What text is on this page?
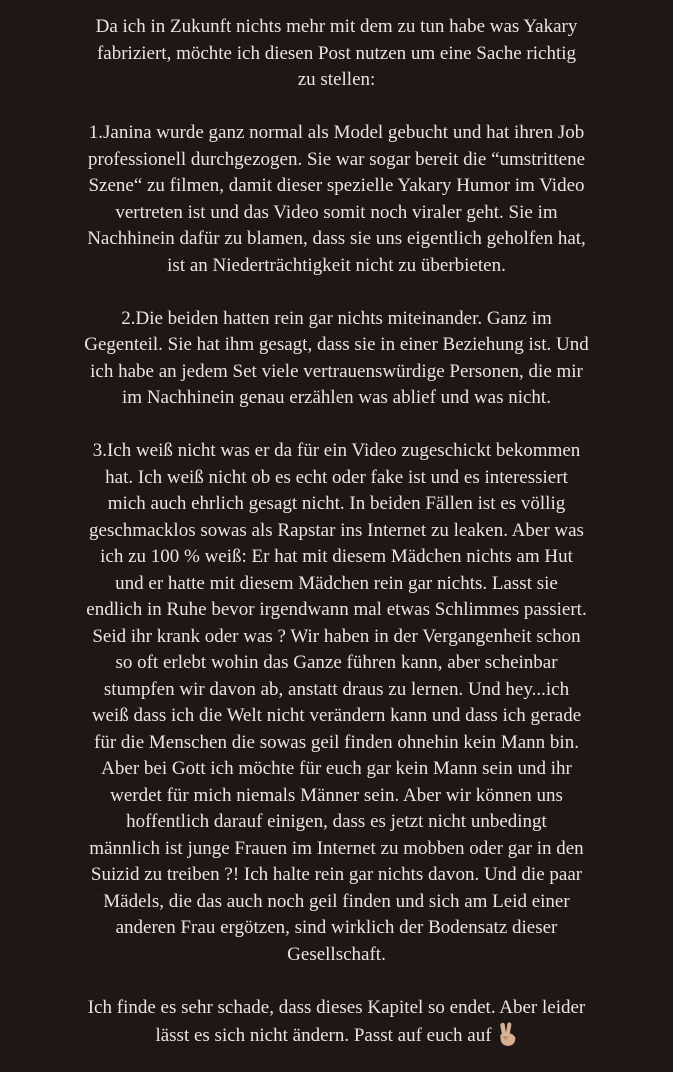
Da ich in Zukunft nichts mehr mit dem zu tun habe was Yakary
fabriziert, möchte ich diesen Post nutzen um eine Sache richtig
zu stellen:
1.Janina wurde ganz normal als Model gebucht und hat ihren Job
professionell durchgezogen. Sie war sogar bereit die “umstrittene
Szene“ zu filmen, damit dieser spezielle Yakary Humor im Video
vertreten ist und das Video somit noch viraler geht. Sie im
Nachhinein dafür zu blamen, dass sie uns eigentlich geholfen hat,
ist an Niederträchtigkeit nicht zu überbieten.
2.Die beiden hatten rein gar nichts miteinander. Ganz im
Gegenteil. Sie hat ihm gesagt, dass sie in einer Beziehung ist. Und
ich habe an jedem Set viele vertrauenswürdige Personen, die mir
im Nachhinein genau erzählen was ablief und was nicht.
3.Ich weiß nicht was er da für ein Video zugeschickt bekommen
hat. Ich weiß nicht ob es echt oder fake ist und es interessiert
mich auch ehrlich gesagt nicht. In beiden Fällen ist es völlig
geschmacklos sowas als Rapstar ins Internet zu leaken. Aber was
ich zu 100 % weiß: Er hat mit diesem Mädchen nichts am Hut
und er hatte mit diesem Mädchen rein gar nichts. Lasst sie
endlich in Ruhe bevor irgendwann mal etwas Schlimmes passiert.
Seid ihr krank oder was ? Wir haben in der Vergangenheit schon
so oft erlebt wohin das Ganze führen kann, aber scheinbar
stumpfen wir davon ab, anstatt draus zu lernen. Und hey...ich
weiß dass ich die Welt nicht verändern kann und dass ich gerade
für die Menschen die sowas geil finden ohnehin kein Mann bin.
Aber bei Gott ich möchte für euch gar kein Mann sein und ihr
werdet für mich niemals Männer sein. Aber wir können uns
hoffentlich darauf einigen, dass es jetzt nicht unbedingt
männlich ist junge Frauen im Internet zu mobben oder gar in den
Suizid zu treiben ?! Ich halte rein gar nichts davon. Und die paar
Mädels, die das auch noch geil finden und sich am Leid einer
anderen Frau ergötzen, sind wirklich der Bodensatz dieser
Gesellschaft.
Ich finde es sehr schade, dass dieses Kapitel so endet. Aber leider
lässt es sich nicht ändern. Passt auf euch auf
